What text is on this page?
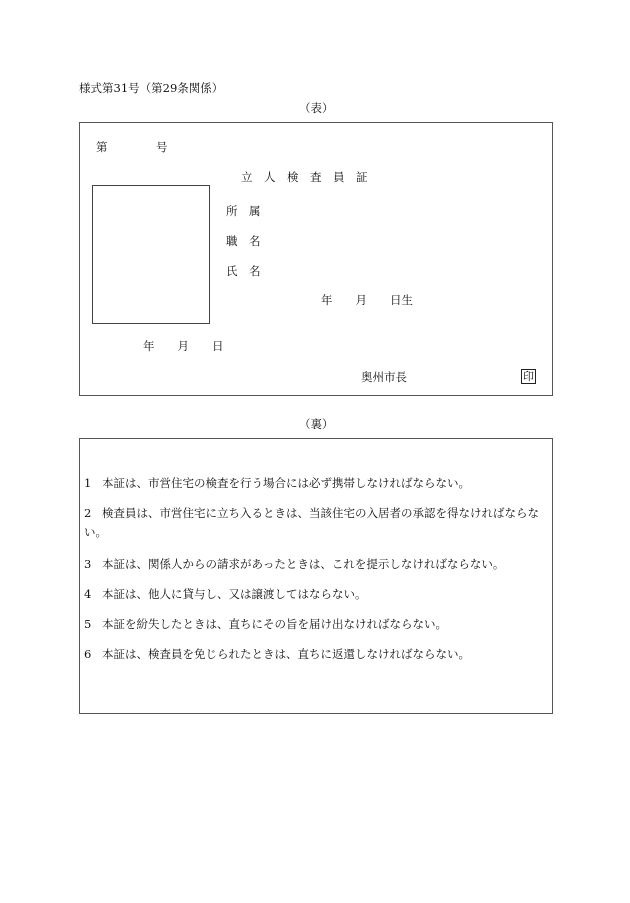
様式第31号（第29条関係）
（表）
第	号
立　人　検　査　員　証
所　属
職　名
氏　名
年　　月　　日生
年　　月　　日
奥州市長	印
（裏）
1 本証は、市営住宅の検査を行う場合には必ず携帯しなければならない。
2 検査員は、市営住宅に立ち入るときは、当該住宅の入居者の承認を得なければならない。
3 本証は、関係人からの請求があったときは、これを提示しなければならない。
4 本証は、他人に貸与し、又は譲渡してはならない。
5 本証を紛失したときは、直ちにその旨を届け出なければならない。
6 本証は、検査員を免じられたときは、直ちに返還しなければならない。
